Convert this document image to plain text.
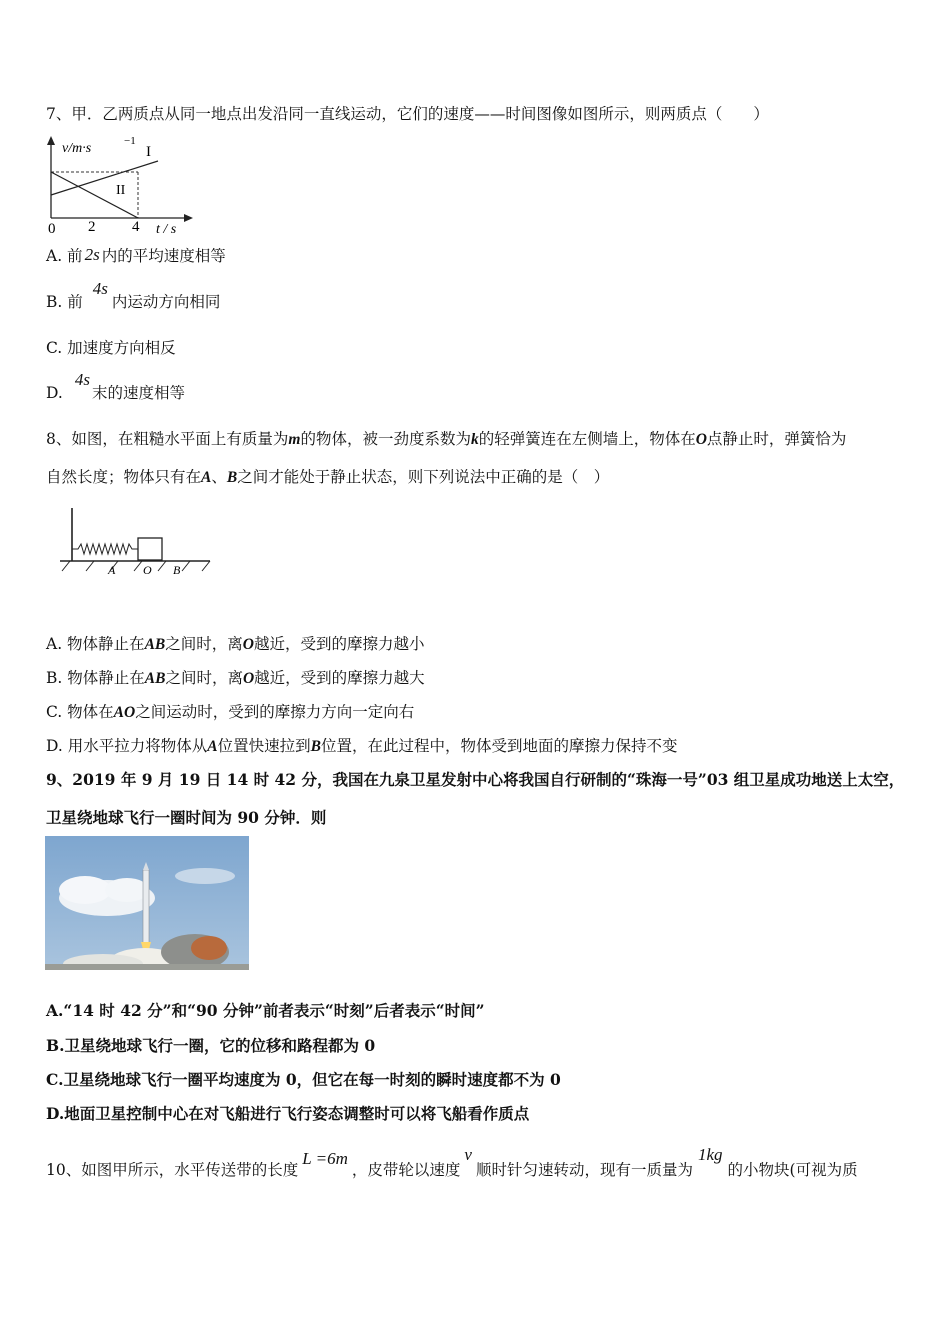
7、甲．乙两质点从同一地点出发沿同一直线运动，它们的速度——时间图像如图所示，则两质点（　　）
v/m·s	−1
I
II
0 2 4 t / s
A. 前 2s 内的平均速度相等
B. 前4s内运动方向相同
C. 加速度方向相反
D.4s末的速度相等
8、如图，在粗糙水平面上有质量为m的物体，被一劲度系数为k的轻弹簧连在左侧墙上，物体在O点静止时，弹簧恰为
自然长度；物体只有在A、B之间才能处于静止状态，则下列说法中正确的是（　）
A O B
A. 物体静止在AB之间时，离O越近，受到的摩擦力越小
B. 物体静止在AB之间时，离O越近，受到的摩擦力越大
C. 物体在AO之间运动时，受到的摩擦力方向一定向右
D. 用水平拉力将物体从A位置快速拉到B位置，在此过程中，物体受到地面的摩擦力保持不变
9、2019 年 9 月 19 日 14 时 42 分，我国在九泉卫星发射中心将我国自行研制的“珠海一号”03 组卫星成功地送上太空，
卫星绕地球飞行一圈时间为 90 分钟．则
A.“14 时 42 分”和“90 分钟”前者表示“时刻”后者表示“时间”
B.卫星绕地球飞行一圈，它的位移和路程都为 0
C.卫星绕地球飞行一圈平均速度为 0，但它在每一时刻的瞬时速度都不为 0
D.地面卫星控制中心在对飞船进行飞行姿态调整时可以将飞船看作质点
10、如图甲所示，水平传送带的长度L =6m，皮带轮以速度v顺时针匀速转动，现有一质量为1kg的小物块(可视为质
